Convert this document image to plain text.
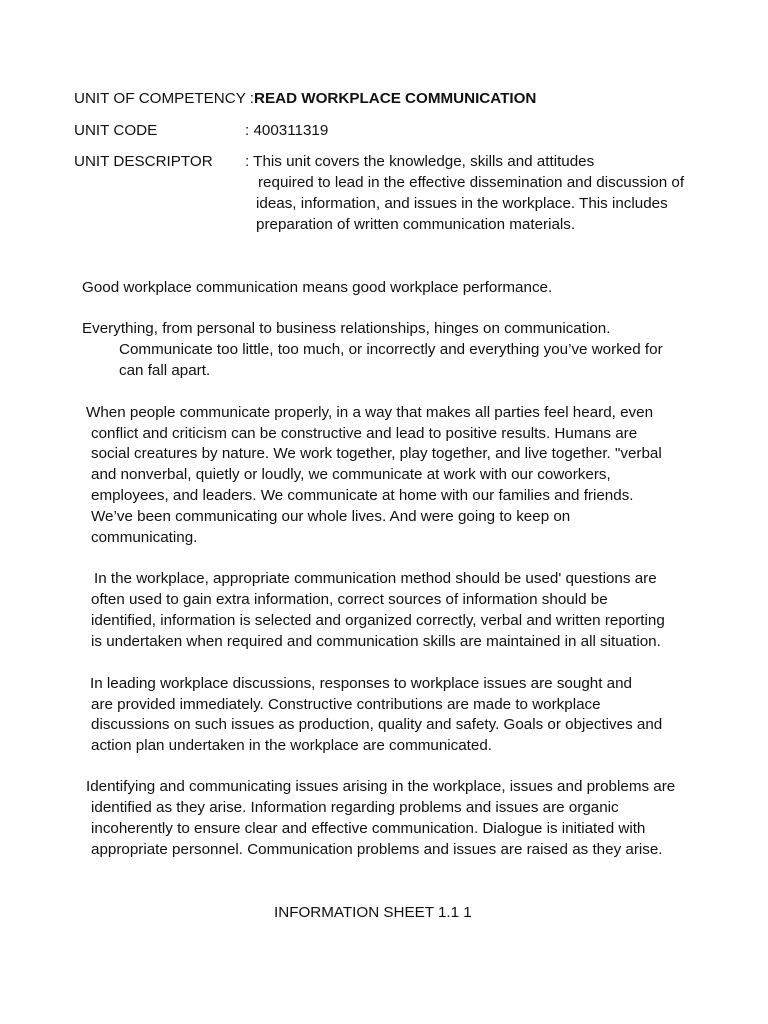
UNIT OF COMPETENCY :READ WORKPLACE COMMUNICATION
UNIT CODE	: 400311319
UNIT DESCRIPTOR : This unit covers the knowledge, skills and attitudes
required to lead in the effective dissemination and discussion of
ideas, information, and issues in the workplace. This includes
preparation of written communication materials.
Good workplace communication means good workplace performance.
Everything, from personal to business relationships, hinges on communication.
Communicate too little, too much, or incorrectly and everything you’ve worked for
can fall apart.
When people communicate properly, in a way that makes all parties feel heard, even
conflict and criticism can be constructive and lead to positive results. Humans are
social creatures by nature. We work together, play together, and live together. "verbal
and nonverbal, quietly or loudly, we communicate at work with our coworkers,
employees, and leaders. We communicate at home with our families and friends.
We’ve been communicating our whole lives. And were going to keep on
communicating.
In the workplace, appropriate communication method should be used' questions are
often used to gain extra information, correct sources of information should be
identified, information is selected and organized correctly, verbal and written reporting
is undertaken when required and communication skills are maintained in all situation.
In leading workplace discussions, responses to workplace issues are sought and
are provided immediately. Constructive contributions are made to workplace
discussions on such issues as production, quality and safety. Goals or objectives and
action plan undertaken in the workplace are communicated.
Identifying and communicating issues arising in the workplace, issues and problems are
identified as they arise. Information regarding problems and issues are organic
incoherently to ensure clear and effective communication. Dialogue is initiated with
appropriate personnel. Communication problems and issues are raised as they arise.
INFORMATION SHEET 1.1 1
